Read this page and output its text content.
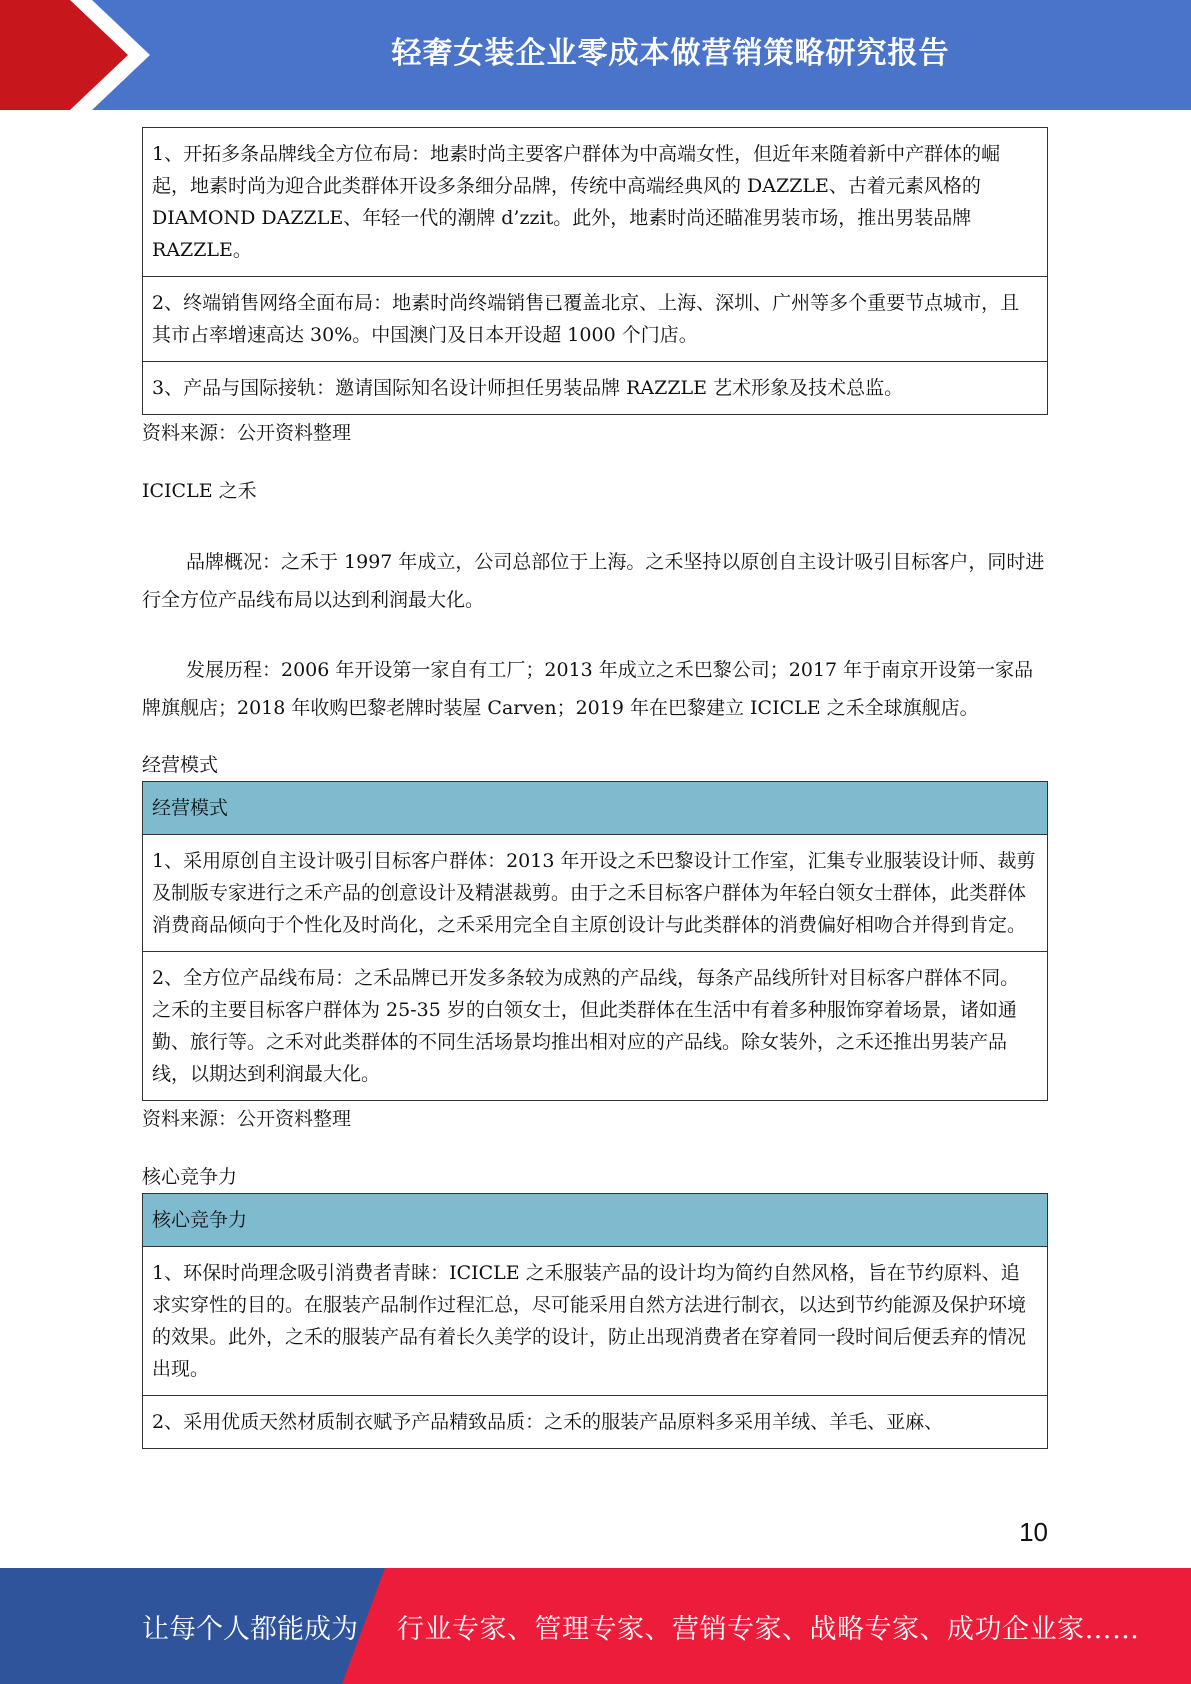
轻奢女装企业零成本做营销策略研究报告
1、开拓多条品牌线全方位布局：地素时尚主要客户群体为中高端女性，但近年来随着新中产群体的崛起，地素时尚为迎合此类群体开设多条细分品牌，传统中高端经典风的 DAZZLE、古着元素风格的 DIAMOND DAZZLE、年轻一代的潮牌 d’zzit。此外，地素时尚还瞄准男装市场，推出男装品牌 RAZZLE。
2、终端销售网络全面布局：地素时尚终端销售已覆盖北京、上海、深圳、广州等多个重要节点城市，且其市占率增速高达 30%。中国澳门及日本开设超 1000 个门店。
3、产品与国际接轨：邀请国际知名设计师担任男装品牌 RAZZLE 艺术形象及技术总监。
资料来源：公开资料整理
ICICLE 之禾
品牌概况：之禾于 1997 年成立，公司总部位于上海。之禾坚持以原创自主设计吸引目标客户，同时进行全方位产品线布局以达到利润最大化。
发展历程：2006 年开设第一家自有工厂；2013 年成立之禾巴黎公司；2017 年于南京开设第一家品牌旗舰店；2018 年收购巴黎老牌时装屋 Carven；2019 年在巴黎建立 ICICLE 之禾全球旗舰店。
经营模式
经营模式
1、采用原创自主设计吸引目标客户群体：2013 年开设之禾巴黎设计工作室，汇集专业服装设计师、裁剪及制版专家进行之禾产品的创意设计及精湛裁剪。由于之禾目标客户群体为年轻白领女士群体，此类群体消费商品倾向于个性化及时尚化，之禾采用完全自主原创设计与此类群体的消费偏好相吻合并得到肯定。
2、全方位产品线布局：之禾品牌已开发多条较为成熟的产品线，每条产品线所针对目标客户群体不同。之禾的主要目标客户群体为 25-35 岁的白领女士，但此类群体在生活中有着多种服饰穿着场景，诸如通勤、旅行等。之禾对此类群体的不同生活场景均推出相对应的产品线。除女装外，之禾还推出男装产品线，以期达到利润最大化。
资料来源：公开资料整理
核心竞争力
核心竞争力
1、环保时尚理念吸引消费者青睐：ICICLE 之禾服装产品的设计均为简约自然风格，旨在节约原料、追求实穿性的目的。在服装产品制作过程汇总，尽可能采用自然方法进行制衣，以达到节约能源及保护环境的效果。此外，之禾的服装产品有着长久美学的设计，防止出现消费者在穿着同一段时间后便丢弃的情况出现。
2、采用优质天然材质制衣赋予产品精致品质：之禾的服装产品原料多采用羊绒、羊毛、亚麻、
10
让每个人都能成为 行业专家、管理专家、营销专家、战略专家、成功企业家……
